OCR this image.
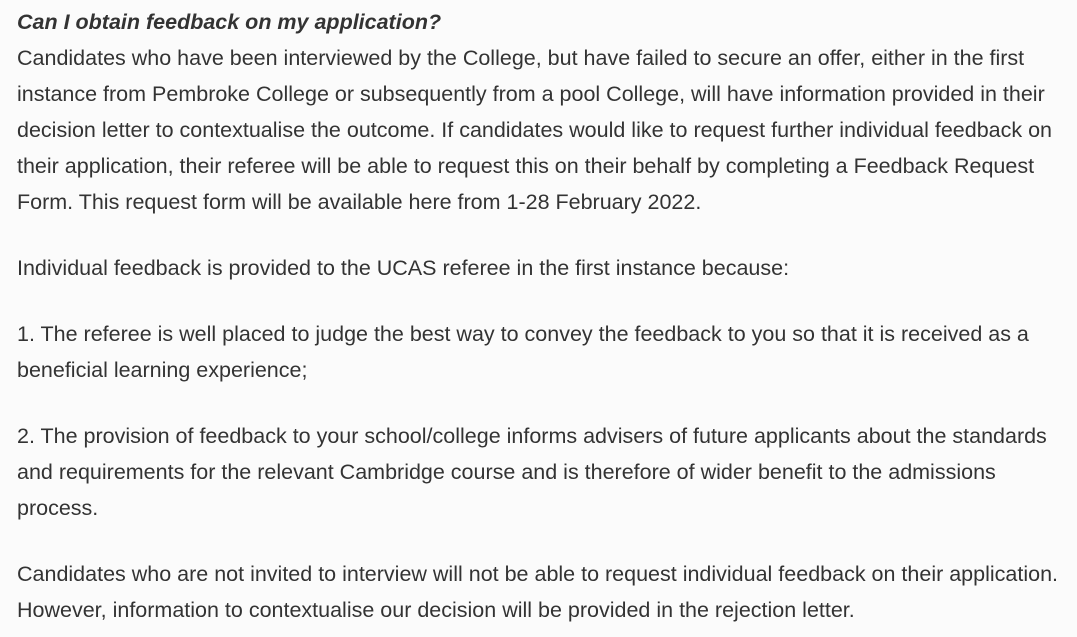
Can I obtain feedback on my application?

Candidates who have been interviewed by the College, but have failed to secure an offer, either in the first instance from Pembroke College or subsequently from a pool College, will have information provided in their decision letter to contextualise the outcome. If candidates would like to request further individual feedback on their application, their referee will be able to request this on their behalf by completing a Feedback Request Form. This request form will be available here from 1-28 February 2022.

Individual feedback is provided to the UCAS referee in the first instance because:

1. The referee is well placed to judge the best way to convey the feedback to you so that it is received as a beneficial learning experience;

2. The provision of feedback to your school/college informs advisers of future applicants about the standards and requirements for the relevant Cambridge course and is therefore of wider benefit to the admissions process.

Candidates who are not invited to interview will not be able to request individual feedback on their application. However, information to contextualise our decision will be provided in the rejection letter.
